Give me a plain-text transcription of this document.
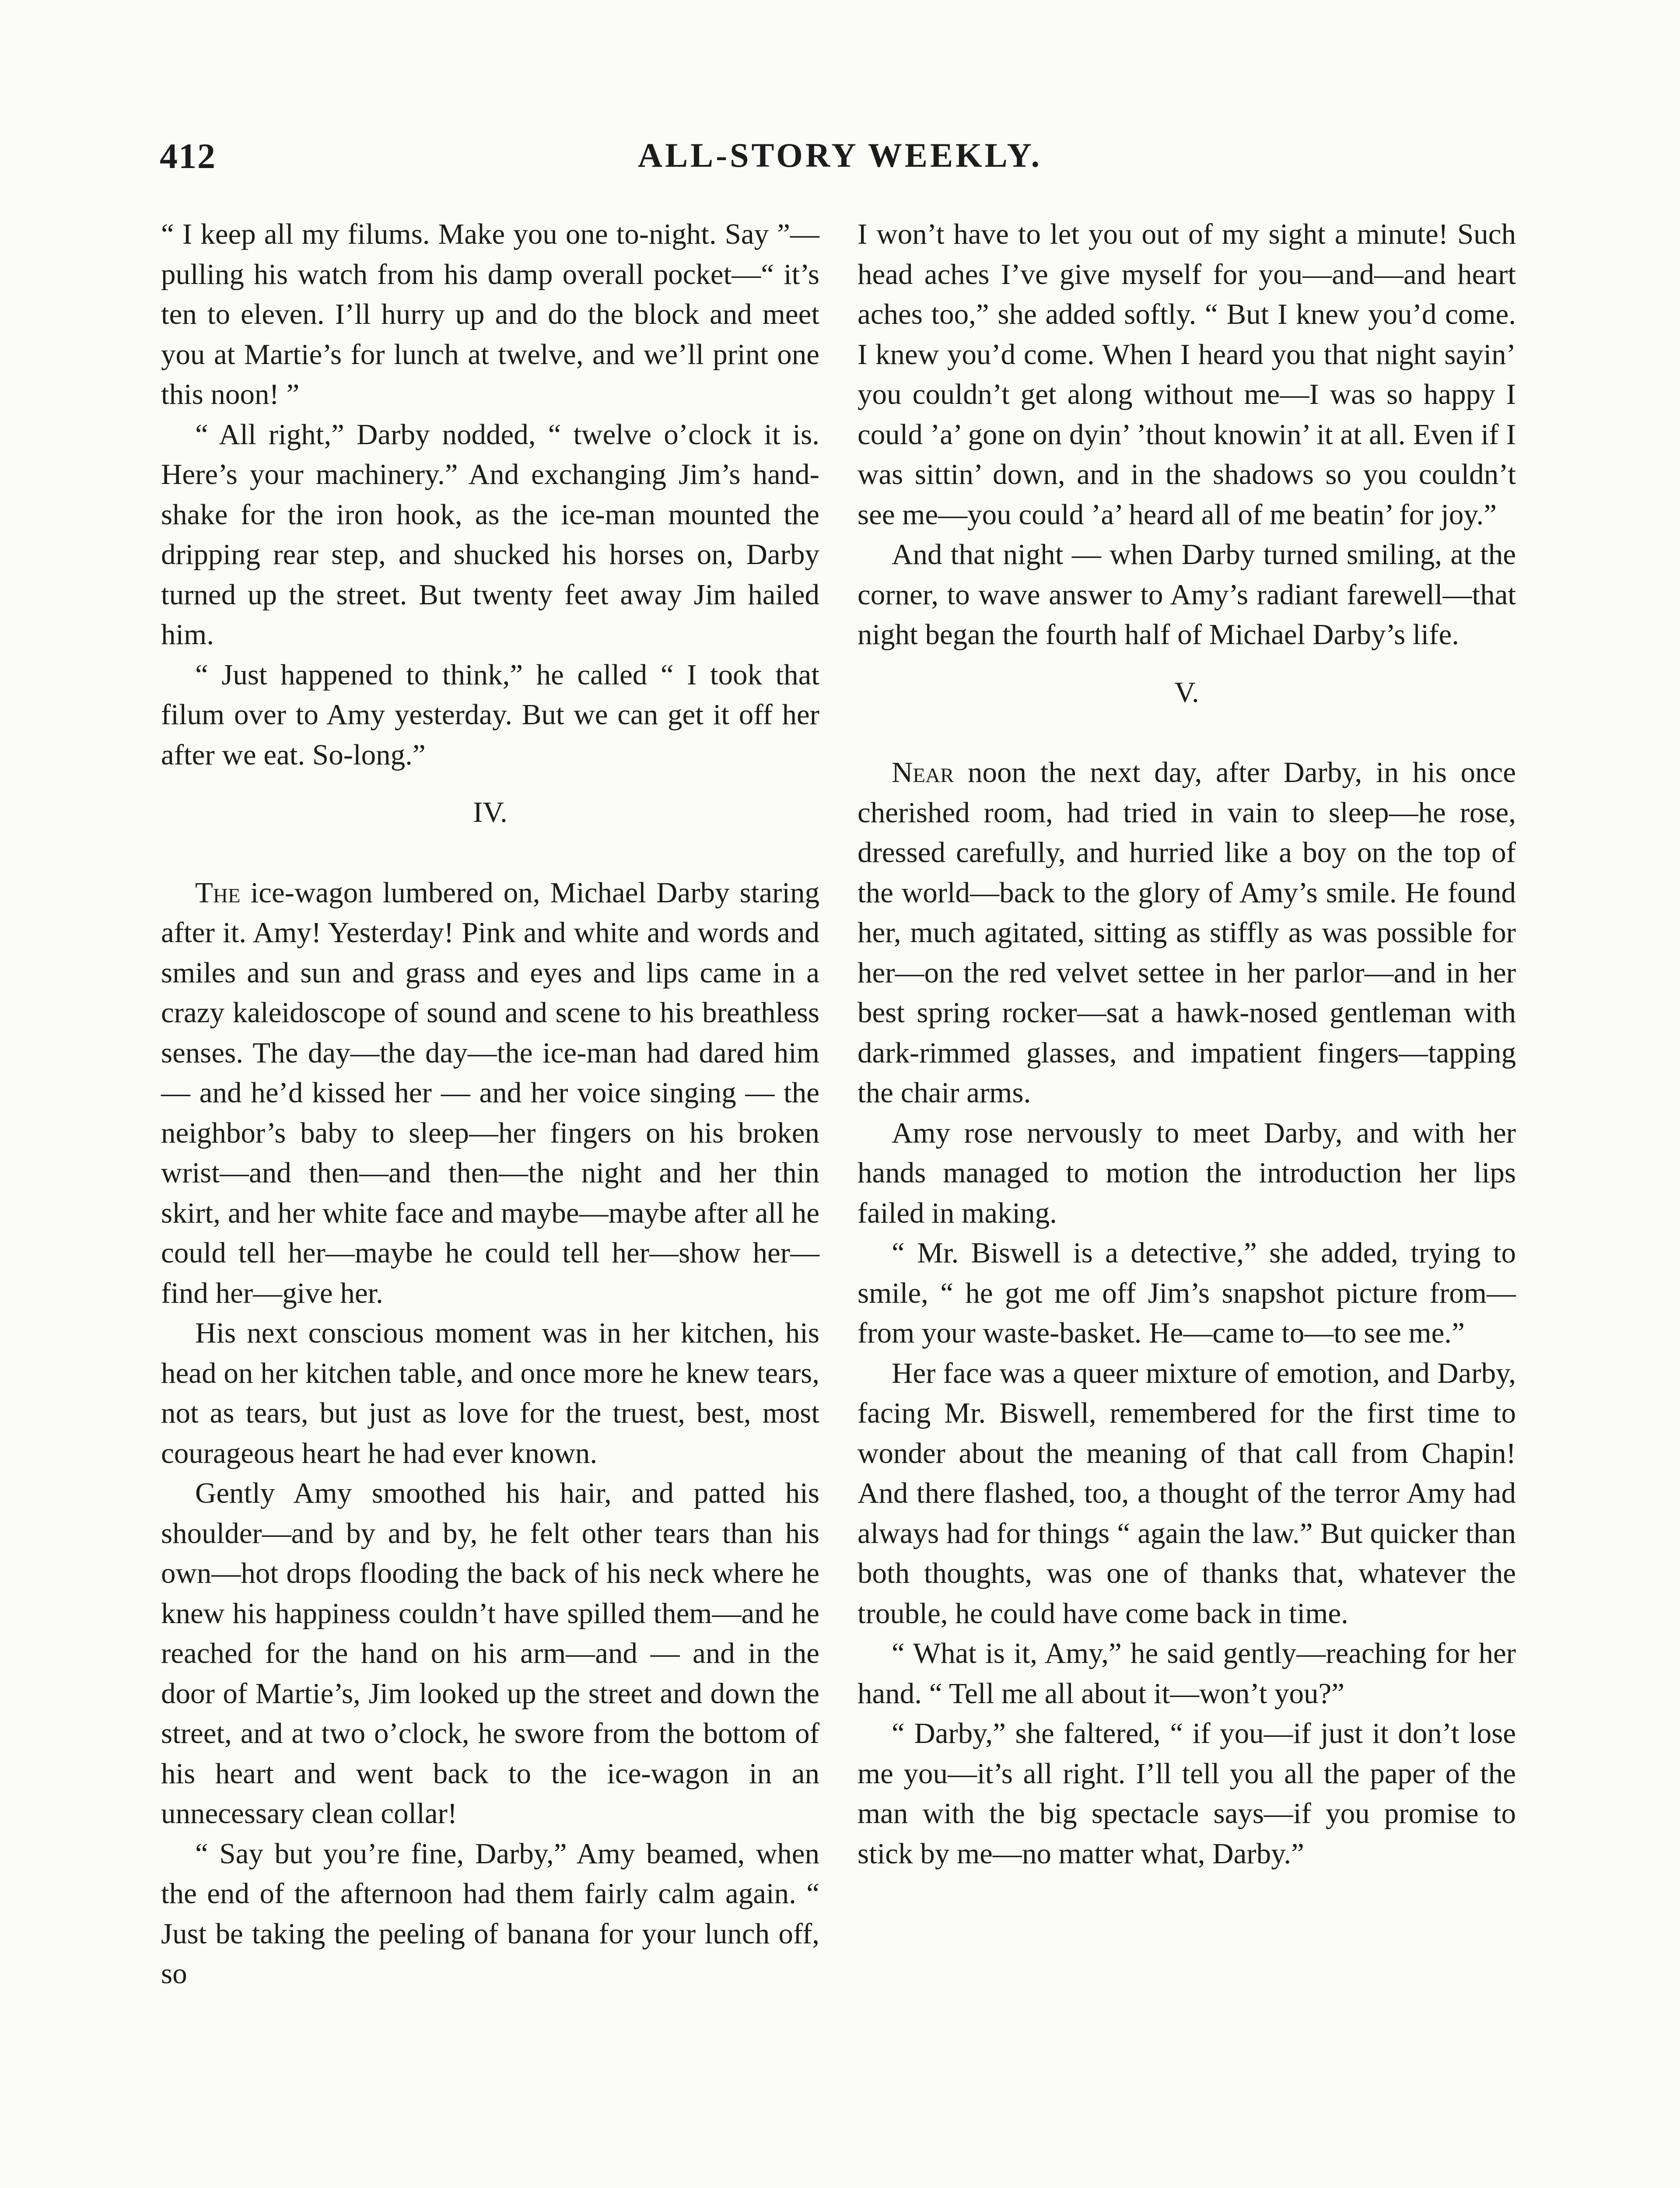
412	ALL-STORY WEEKLY.

“ I keep all my filums. Make you one to-night. Say ”—pulling his watch from his damp overall pocket—“ it’s ten to eleven. I’ll hurry up and do the block and meet you at Martie’s for lunch at twelve, and we’ll print one this noon! ”

“ All right,” Darby nodded, “ twelve o’clock it is. Here’s your machinery.” And exchanging Jim’s hand-shake for the iron hook, as the ice-man mounted the dripping rear step, and shucked his horses on, Darby turned up the street. But twenty feet away Jim hailed him.

“ Just happened to think,” he called “ I took that filum over to Amy yesterday. But we can get it off her after we eat. So-long.”

IV.

The ice-wagon lumbered on, Michael Darby staring after it. Amy! Yesterday! Pink and white and words and smiles and sun and grass and eyes and lips came in a crazy kaleidoscope of sound and scene to his breathless senses. The day—the day—the ice-man had dared him — and he’d kissed her — and her voice singing — the neighbor’s baby to sleep—her fingers on his broken wrist—and then—and then—the night and her thin skirt, and her white face and maybe—maybe after all he could tell her—maybe he could tell her—show her—find her—give her.

His next conscious moment was in her kitchen, his head on her kitchen table, and once more he knew tears, not as tears, but just as love for the truest, best, most courageous heart he had ever known.

Gently Amy smoothed his hair, and patted his shoulder—and by and by, he felt other tears than his own—hot drops flooding the back of his neck where he knew his happiness couldn’t have spilled them—and he reached for the hand on his arm—and — and in the door of Martie’s, Jim looked up the street and down the street, and at two o’clock, he swore from the bottom of his heart and went back to the ice-wagon in an unnecessary clean collar!

“ Say but you’re fine, Darby,” Amy beamed, when the end of the afternoon had them fairly calm again. “ Just be taking the peeling of banana for your lunch off, so

I won’t have to let you out of my sight a minute! Such head aches I’ve give myself for you—and—and heart aches too,” she added softly. “ But I knew you’d come. I knew you’d come. When I heard you that night sayin’ you couldn’t get along without me—I was so happy I could ’a’ gone on dyin’ ’thout knowin’ it at all. Even if I was sittin’ down, and in the shadows so you couldn’t see me—you could ’a’ heard all of me beatin’ for joy.”

And that night — when Darby turned smiling, at the corner, to wave answer to Amy’s radiant farewell—that night began the fourth half of Michael Darby’s life.

V.

Near noon the next day, after Darby, in his once cherished room, had tried in vain to sleep—he rose, dressed carefully, and hurried like a boy on the top of the world—back to the glory of Amy’s smile. He found her, much agitated, sitting as stiffly as was possible for her—on the red velvet settee in her parlor—and in her best spring rocker—sat a hawk-nosed gentleman with dark-rimmed glasses, and impatient fingers—tapping the chair arms.

Amy rose nervously to meet Darby, and with her hands managed to motion the introduction her lips failed in making.

“ Mr. Biswell is a detective,” she added, trying to smile, “ he got me off Jim’s snapshot picture from—from your waste-basket. He—came to—to see me.”

Her face was a queer mixture of emotion, and Darby, facing Mr. Biswell, remembered for the first time to wonder about the meaning of that call from Chapin! And there flashed, too, a thought of the terror Amy had always had for things “ again the law.” But quicker than both thoughts, was one of thanks that, whatever the trouble, he could have come back in time.

“ What is it, Amy,” he said gently—reaching for her hand. “ Tell me all about it—won’t you?”

“ Darby,” she faltered, “ if you—if just it don’t lose me you—it’s all right. I’ll tell you all the paper of the man with the big spectacle says—if you promise to stick by me—no matter what, Darby.”
